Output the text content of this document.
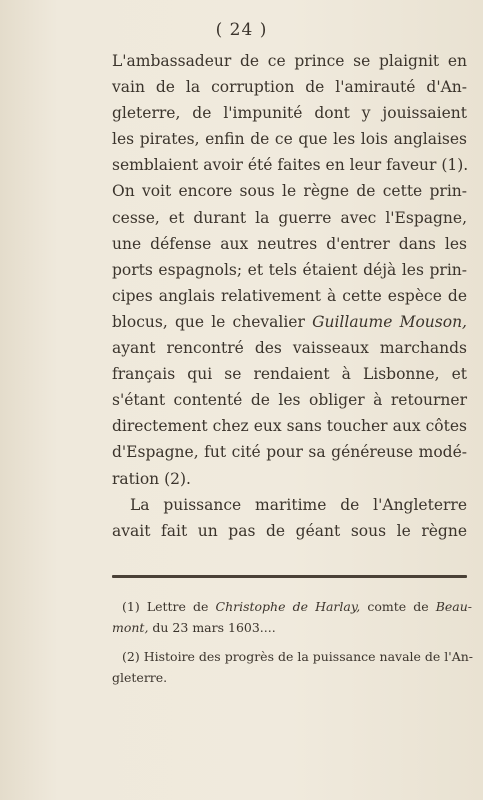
( 24 )
L'ambassadeur de ce prince se plaignit en
vain de la corruption de l'amirauté d'An-
gleterre, de l'impunité dont y jouissaient
les pirates, enfin de ce que les lois anglaises
semblaient avoir été faites en leur faveur (1).
On voit encore sous le règne de cette prin-
cesse, et durant la guerre avec l'Espagne,
une défense aux neutres d'entrer dans les
ports espagnols; et tels étaient déjà les prin-
cipes anglais relativement à cette espèce de
blocus, que le chevalier Guillaume Mouson,
ayant rencontré des vaisseaux marchands
français qui se rendaient à Lisbonne, et
s'étant contenté de les obliger à retourner
directement chez eux sans toucher aux côtes
d'Espagne, fut cité pour sa généreuse modé-
ration (2).
La puissance maritime de l'Angleterre
avait fait un pas de géant sous le règne
(1) Lettre de Christophe de Harlay, comte de Beau-
mont, du 23 mars 1603....
(2) Histoire des progrès de la puissance navale de l'An-
gleterre.
